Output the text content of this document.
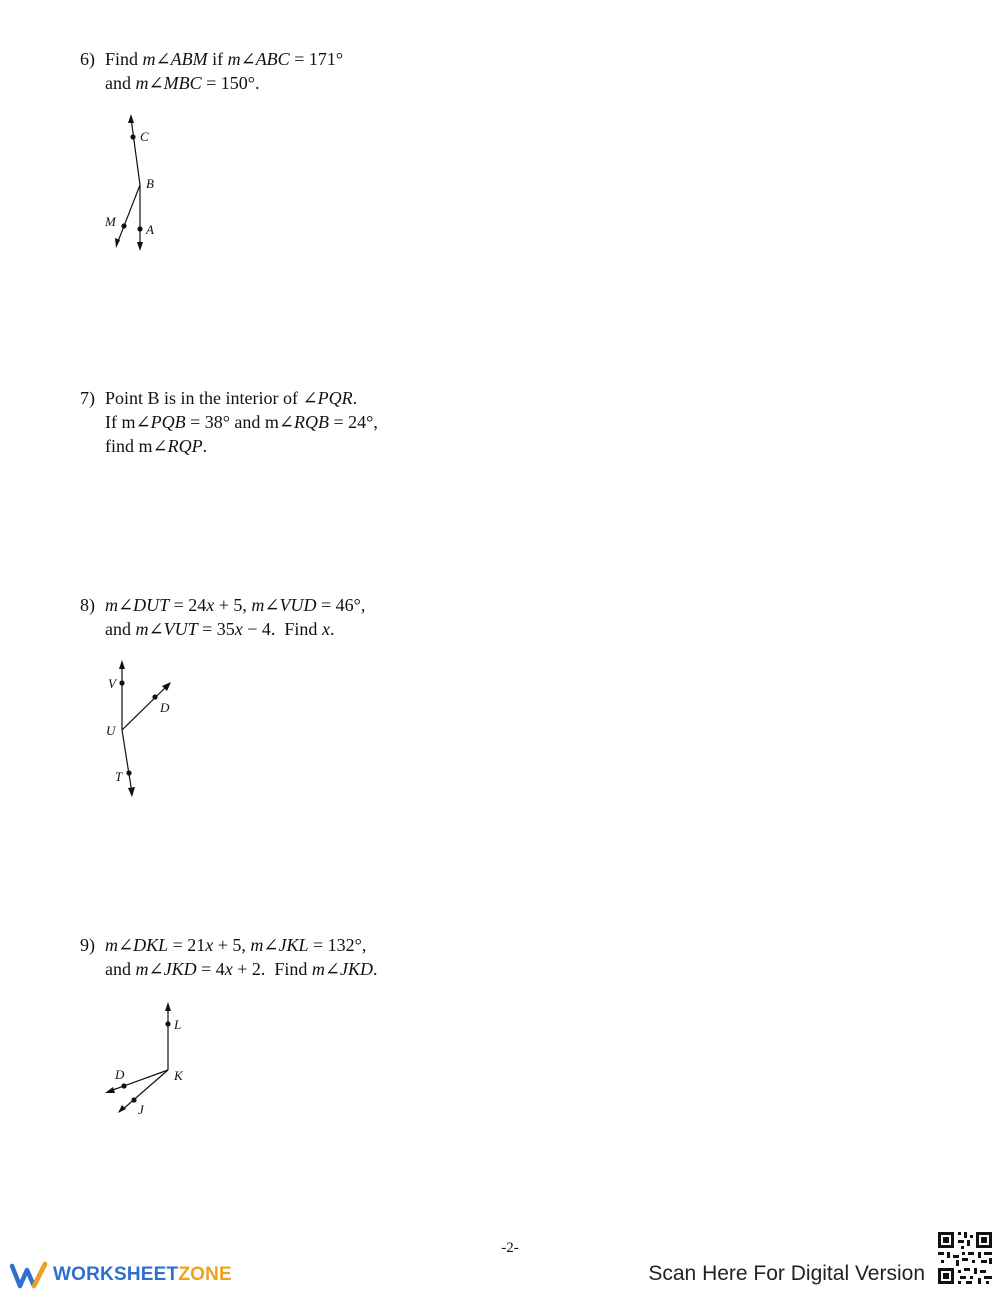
6) Find m∠ABM if m∠ABC = 171°
and m∠MBC = 150°.
C
B
M
A
7) Point B is in the interior of ∠PQR.
If m∠PQB = 38° and m∠RQB = 24°,
find m∠RQP.
8) m∠DUT = 24x + 5, m∠VUD = 46°,
and m∠VUT = 35x − 4.  Find x.
V
D
U
T
9) m∠DKL = 21x + 5, m∠JKL = 132°,
and m∠JKD = 4x + 2.  Find m∠JKD.
L
D	K
J
-2-
WORKSHEETZONE	Scan Here For Digital Version
